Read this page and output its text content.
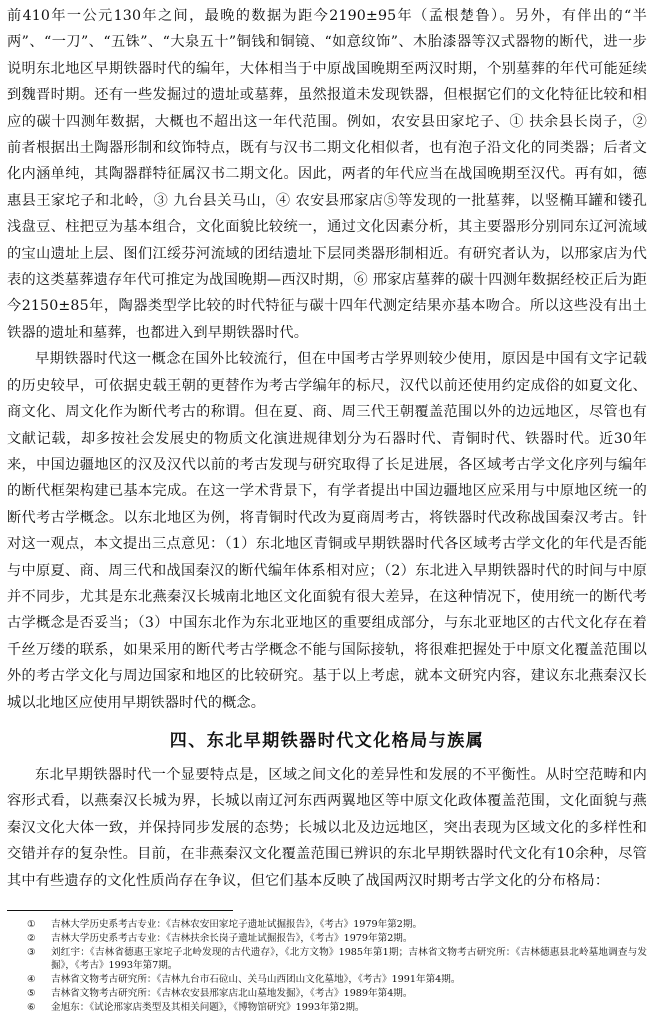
前410年一公元130年之间，最晚的数据为距今2190±95年（孟根楚鲁）。另外，有伴出的“半两”、“一刀”、“五铢”、“大泉五十”铜钱和铜镜、“如意纹饰”、木胎漆器等汉式器物的断代，进一步说明东北地区早期铁器时代的编年，大体相当于中原战国晚期至两汉时期，个别墓葬的年代可能延续到魏晋时期。还有一些发掘过的遗址或墓葬，虽然报道未发现铁器，但根据它们的文化特征比较和相应的碳十四测年数据，大概也不超出这一年代范围。例如，农安县田家坨子、① 扶余县长岗子，② 前者根据出土陶器形制和纹饰特点，既有与汉书二期文化相似者，也有泡子沿文化的同类器；后者文化内涵单纯，其陶器群特征属汉书二期文化。因此，两者的年代应当在战国晚期至汉代。再有如，德惠县王家坨子和北岭，③ 九台县关马山，④ 农安县邢家店⑤等发现的一批墓葬，以竖椭耳罐和镂孔浅盘豆、柱把豆为基本组合，文化面貌比较统一，通过文化因素分析，其主要器形分别同东辽河流域的宝山遗址上层、图们江绥芬河流域的团结遗址下层同类器形制相近。有研究者认为，以邢家店为代表的这类墓葬遗存年代可推定为战国晚期—西汉时期，⑥ 邢家店墓葬的碳十四测年数据经校正后为距今2150±85年，陶器类型学比较的时代特征与碳十四年代测定结果亦基本吻合。所以这些没有出土铁器的遗址和墓葬，也都进入到早期铁器时代。

早期铁器时代这一概念在国外比较流行，但在中国考古学界则较少使用，原因是中国有文字记载的历史较早，可依据史载王朝的更替作为考古学编年的标尺，汉代以前还使用约定成俗的如夏文化、商文化、周文化作为断代考古的称谓。但在夏、商、周三代王朝覆盖范围以外的边远地区，尽管也有文献记载，却多按社会发展史的物质文化演进规律划分为石器时代、青铜时代、铁器时代。近30年来，中国边疆地区的汉及汉代以前的考古发现与研究取得了长足进展，各区域考古学文化序列与编年的断代框架构建已基本完成。在这一学术背景下，有学者提出中国边疆地区应采用与中原地区统一的断代考古学概念。以东北地区为例，将青铜时代改为夏商周考古，将铁器时代改称战国秦汉考古。针对这一观点，本文提出三点意见：（1）东北地区青铜或早期铁器时代各区域考古学文化的年代是否能与中原夏、商、周三代和战国秦汉的断代编年体系相对应；（2）东北进入早期铁器时代的时间与中原并不同步，尤其是东北燕秦汉长城南北地区文化面貌有很大差异，在这种情况下，使用统一的断代考古学概念是否妥当；（3）中国东北作为东北亚地区的重要组成部分，与东北亚地区的古代文化存在着千丝万缕的联系，如果采用的断代考古学概念不能与国际接轨，将很难把握处于中原文化覆盖范围以外的考古学文化与周边国家和地区的比较研究。基于以上考虑，就本文研究内容，建议东北燕秦汉长城以北地区应使用早期铁器时代的概念。

四、东北早期铁器时代文化格局与族属

东北早期铁器时代一个显要特点是，区域之间文化的差异性和发展的不平衡性。从时空范畴和内容形式看，以燕秦汉长城为界，长城以南辽河东西两翼地区等中原文化政体覆盖范围，文化面貌与燕秦汉文化大体一致，并保持同步发展的态势；长城以北及边远地区，突出表现为区域文化的多样性和交错并存的复杂性。目前，在非燕秦汉文化覆盖范围已辨识的东北早期铁器时代文化有10余种，尽管其中有些遗存的文化性质尚存在争议，但它们基本反映了战国两汉时期考古学文化的分布格局：

① 吉林大学历史系考古专业：《吉林农安田家坨子遗址试掘报告》，《考古》1979年第2期。
② 吉林大学历史系考古专业：《吉林扶余长岗子遗址试掘报告》，《考古》1979年第2期。
③ 刘红宇：《吉林省德惠王家坨子北岭发现的古代遗存》，《北方文物》1985年第1期；吉林省文物考古研究所：《吉林德惠县北岭墓地调查与发掘》，《考古》1993年第7期。
④ 吉林省文物考古研究所：《吉林九台市石砬山、关马山西团山文化墓地》，《考古》1991年第4期。
⑤ 吉林省文物考古研究所：《吉林农安县邢家店北山墓地发掘》，《考古》1989年第4期。
⑥ 金旭东：《试论邢家店类型及其相关问题》，《博物馆研究》1993年第2期。
